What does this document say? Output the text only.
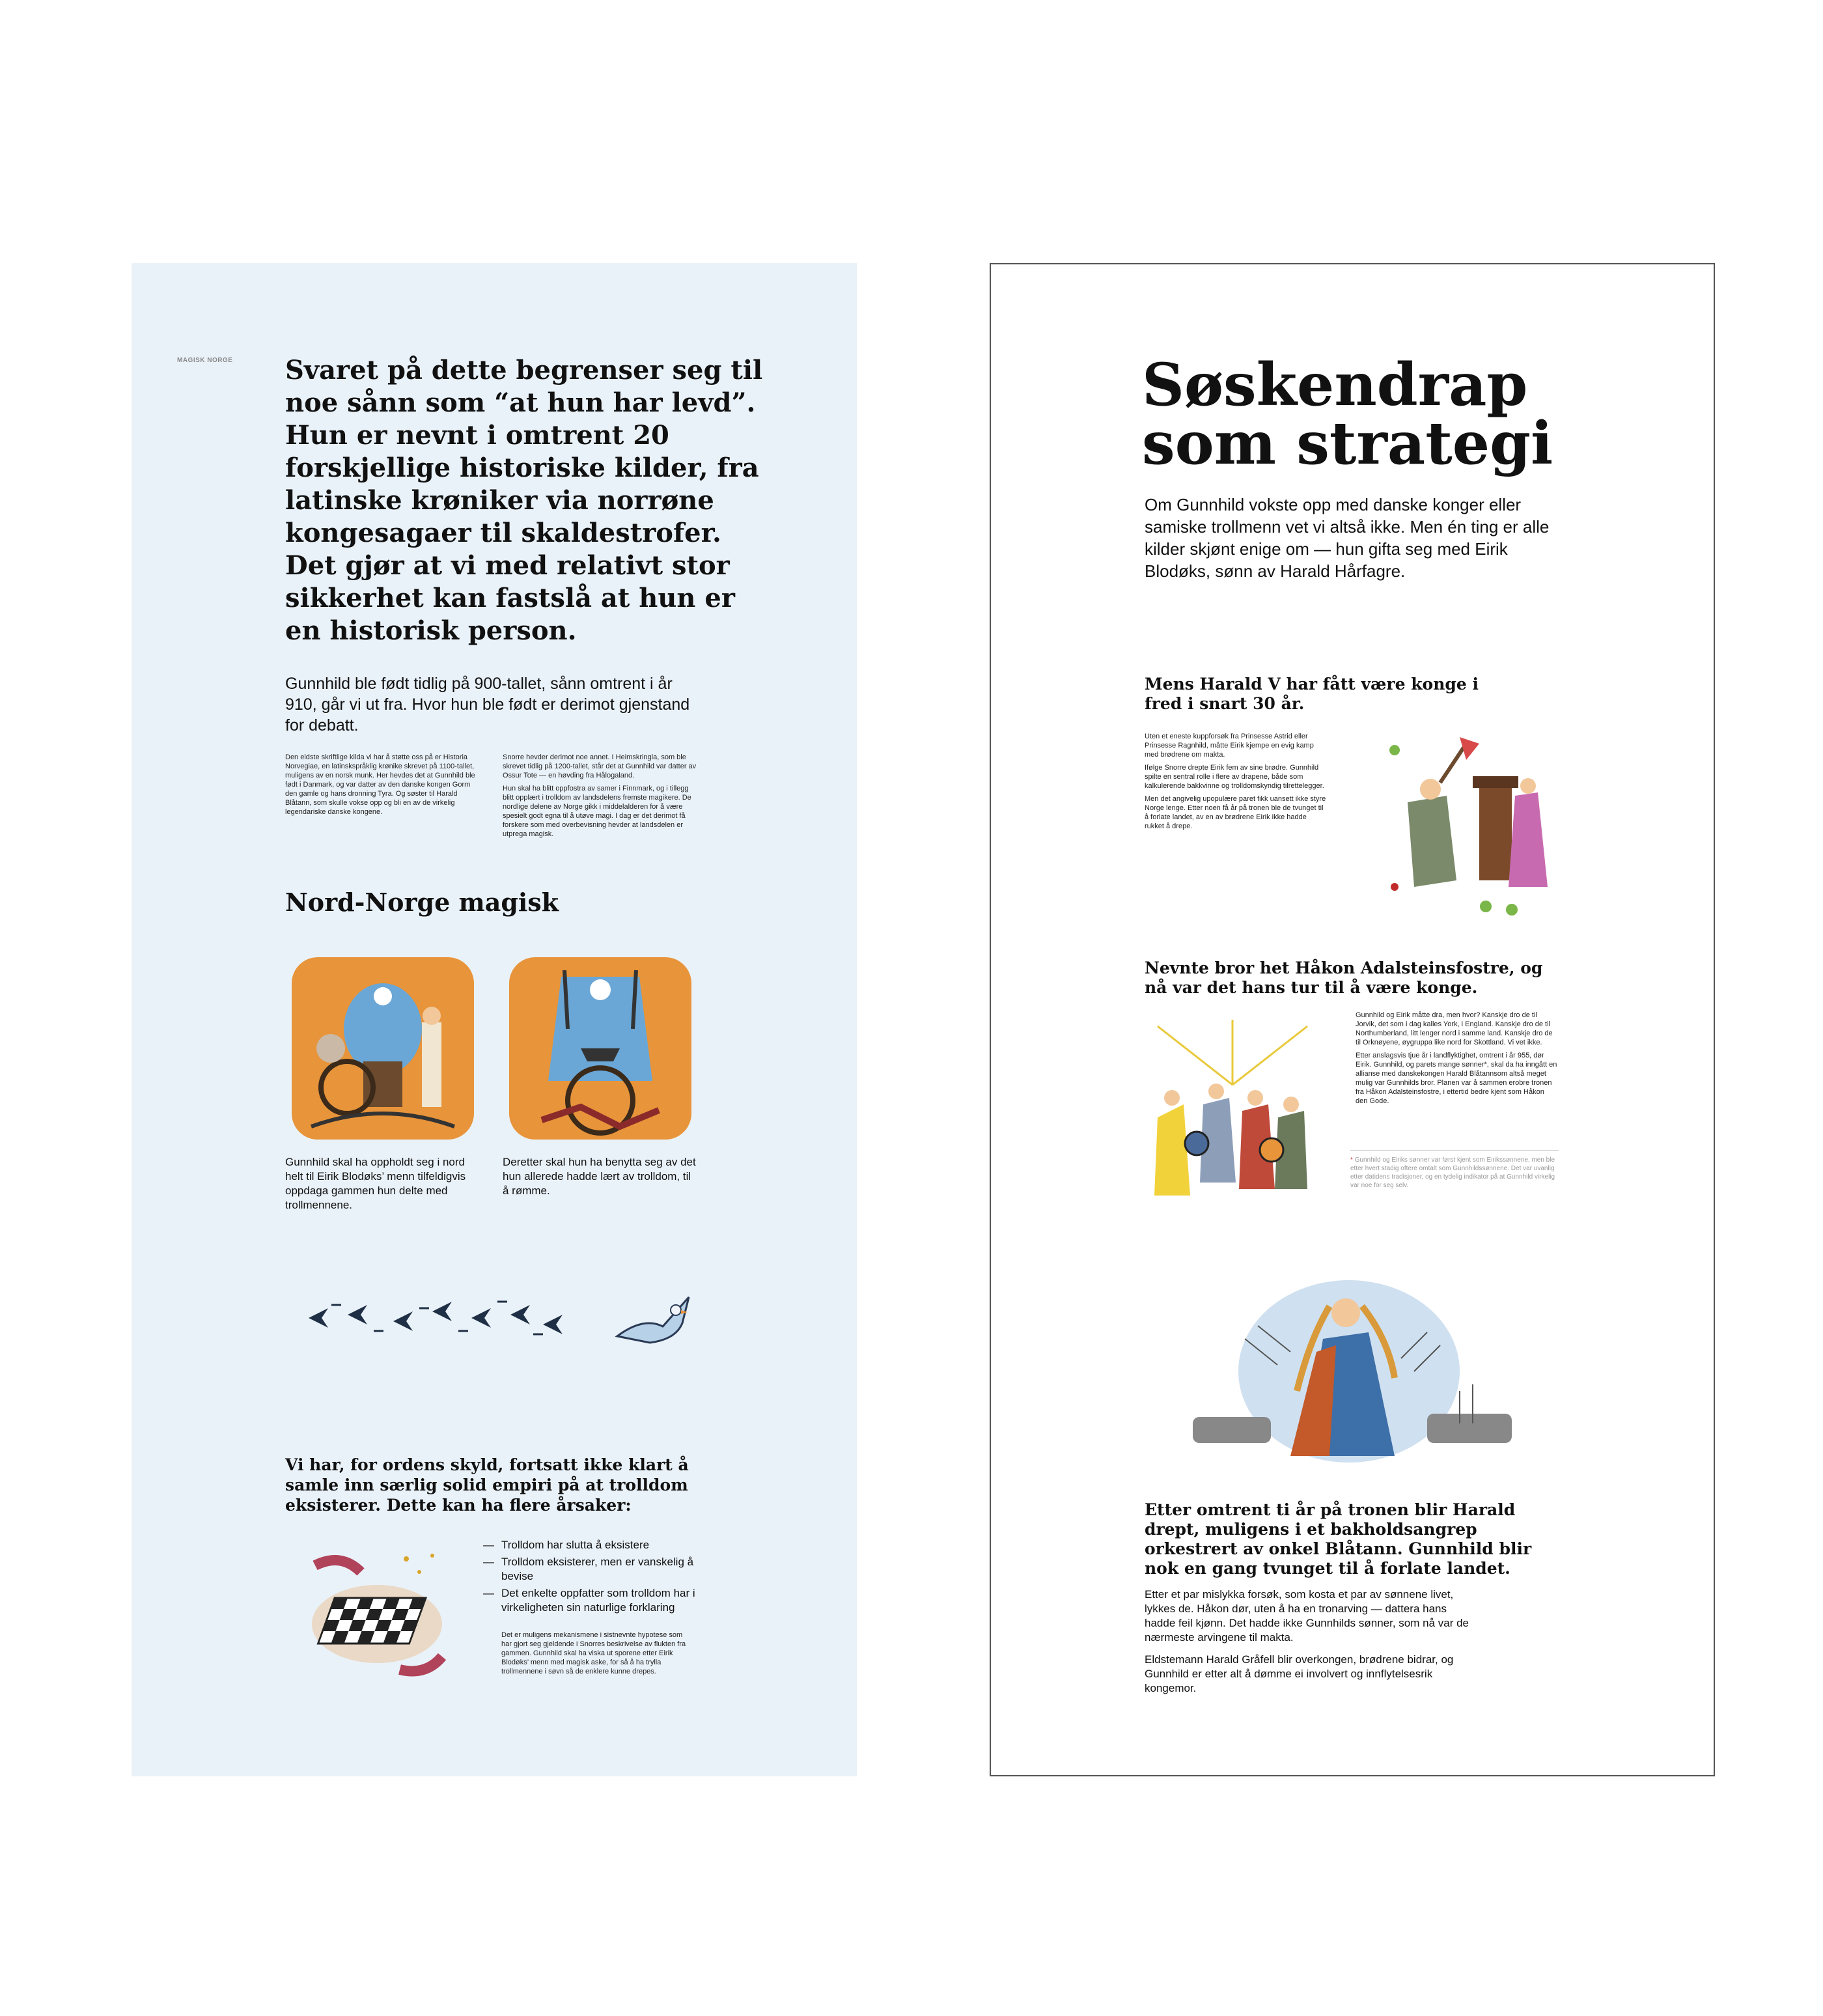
MAGISK NORGE Svaret på dette begrenser seg til noe sånn som “at hun har levd”. Hun er nevnt i omtrent 20 forskjellige historiske kilder, fra latinske krøniker via norrøne kongesagaer til skaldestrofer. Det gjør at vi med relativt stor sikkerhet kan fastslå at hun er en historisk person.
Gunnhild ble født tidlig på 900-tallet, sånn omtrent i år 910, går vi ut fra. Hvor hun ble født er derimot gjenstand for debatt.
Den eldste skriftlige kilda vi har å støtte oss på er Historia Norvegiae, en latinskspråklig krønike skrevet på 1100-tallet, muligens av en norsk munk. Her hevdes det at Gunnhild ble født i Danmark, og var datter av den danske kongen Gorm den gamle og hans dronning Tyra. Og søster til Harald Blåtann, som skulle vokse opp og bli en av de virkelig legendariske danske kongene.

Snorre hevder derimot noe annet. I Heimskringla, som ble skrevet tidlig på 1200-tallet, står det at Gunnhild var datter av Ossur Tote — en høvding fra Hålogaland.

Hun skal ha blitt oppfostra av samer i Finnmark, og i tillegg blitt opplært i trolldom av landsdelens fremste magikere. De nordlige delene av Norge gikk i middelalderen for å være spesielt godt egna til å utøve magi. I dag er det derimot få forskere som med overbevisning hevder at landsdelen er utpregа magisk.

Nord-Norge magisk
Gunnhild skal ha oppholdt seg i nord helt til Eirik Blodøks’ menn tilfeldigvis oppdaga gammen hun delte med trollmennene.
Deretter skal hun ha benytta seg av det hun allerede hadde lært av trolldom, til å rømme.
Vi har, for ordens skyld, fortsatt ikke klart å samle inn særlig solid empiri på at trolldom eksisterer. Dette kan ha flere årsaker:
— Trolldom har slutta å eksistere
— Trolldom eksisterer, men er vanskelig å bevise
— Det enkelte oppfatter som trolldom har i virkeligheten sin naturlige forklaring
Det er muligens mekanismene i sistnevnte hypotese som har gjort seg gjeldende i Snorres beskrivelse av flukten fra gammen. Gunnhild skal ha viska ut sporene etter Eirik Blodøks’ menn med magisk aske, for så å ha trylla trollmennene i søvn så de enklere kunne drepes.
Søskendrap
som strategi
Om Gunnhild vokste opp med danske konger eller samiske trollmenn vet vi altså ikke. Men én ting er alle kilder skjønt enige om — hun gifta seg med Eirik Blodøks, sønn av Harald Hårfagre.
Mens Harald V har fått være konge i fred i snart 30 år.

Uten et eneste kuppforsøk fra Prinsesse Astrid eller Prinsesse Ragnhild, måtte Eirik kjempe en evig kamp med brødrene om makta.

Ifølge Snorre drepte Eirik fem av sine brødre. Gunnhild spilte en sentral rolle i flere av drapene, både som kalkulerende bakkvinne og trolldomskyndig tilrettelegger.

Men det angivelig upopulære paret fikk uansett ikke styre Norge lenge. Etter noen få år på tronen ble de tvunget til å forlate landet, av en av brødrene Eirik ikke hadde rukket å drepe.

Nevnte bror het Håkon Adalsteinsfostre, og nå var det hans tur til å være konge.

Gunnhild og Eirik måtte dra, men hvor? Kanskje dro de til Jorvik, det som i dag kalles York, i England. Kanskje dro de til Northumberland, litt lenger nord i samme land. Kanskje dro de til Orknøyene, øygruppa like nord for Skottland. Vi vet ikke.

Etter anslagsvis tjue år i landflyktighet, omtrent i år 955, dør Eirik. Gunnhild, og parets mange sønner*, skal da ha inngått en allianse med danskekongen Harald Blåtannsom altså meget mulig var Gunnhilds bror. Planen var å sammen erobre tronen fra Håkon Adalsteinsfostre, i ettertid bedre kjent som Håkon den Gode.

* Gunnhild og Eiriks sønner var først kjent som Eirikssønnene, men ble etter hvert stadig oftere omtalt som Gunnhildssønnene. Det var uvanlig etter datidens tradisjoner, og en tydelig indikator på at Gunnhild virkelig var noe for seg selv.
Etter omtrent ti år på tronen blir Harald drept, muligens i et bakholdsangrep orkestrert av onkel Blåtann. Gunnhild blir nok en gang tvunget til å forlate landet.

Etter et par mislykka forsøk, som kosta et par av sønnene livet, lykkes de. Håkon dør, uten å ha en tronarving — dattera hans hadde feil kjønn. Det hadde ikke Gunnhilds sønner, som nå var de nærmeste arvingene til makta.

Eldstemann Harald Gråfell blir overkongen, brødrene bidrar, og Gunnhild er etter alt å dømme ei involvert og innflytelsesrik kongemor.
